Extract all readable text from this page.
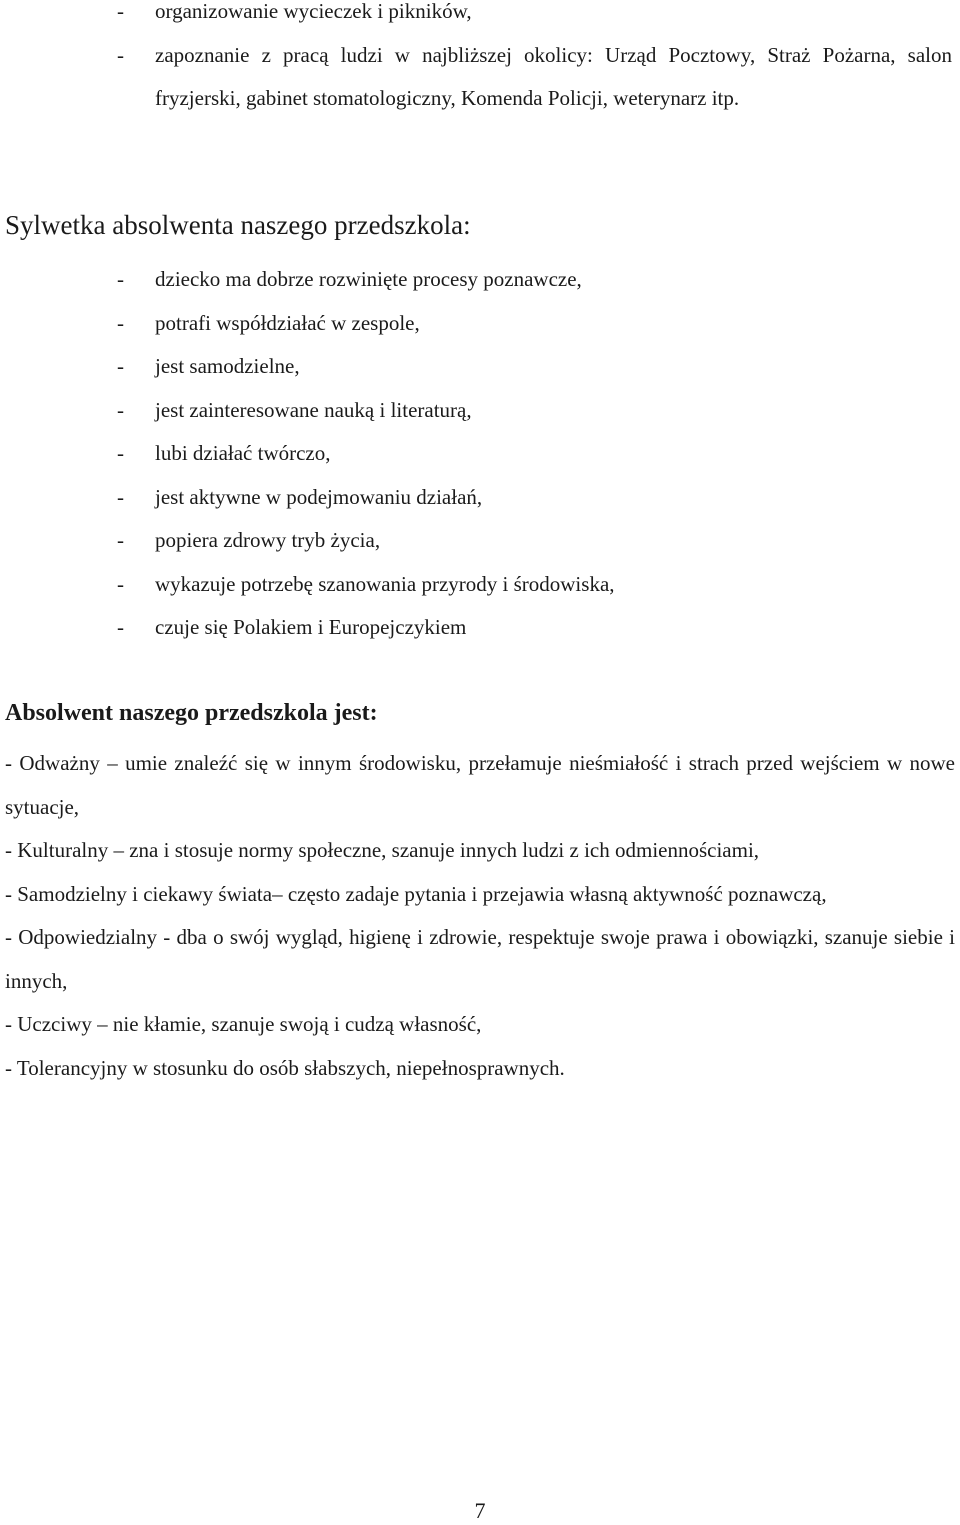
- organizowanie wycieczek i pikników,
- zapoznanie z pracą ludzi w najbliższej okolicy: Urząd Pocztowy, Straż Pożarna, salon fryzjerski, gabinet stomatologiczny, Komenda Policji, weterynarz itp.
Sylwetka absolwenta naszego przedszkola:
- dziecko ma dobrze rozwinięte procesy poznawcze,
- potrafi współdziałać w zespole,
- jest samodzielne,
- jest zainteresowane nauką i literaturą,
- lubi działać twórczo,
- jest aktywne w podejmowaniu działań,
- popiera zdrowy tryb życia,
- wykazuje potrzebę szanowania przyrody i środowiska,
- czuje się Polakiem i Europejczykiem
Absolwent naszego przedszkola jest:

- Odważny – umie znaleźć się w innym środowisku, przełamuje nieśmiałość i strach przed wejściem w nowe sytuacje,

- Kulturalny – zna i stosuje normy społeczne, szanuje innych ludzi z ich odmiennościami,

- Samodzielny i ciekawy świata– często zadaje pytania i przejawia własną aktywność poznawczą,

- Odpowiedzialny - dba o swój wygląd, higienę i zdrowie, respektuje swoje prawa i obowiązki, szanuje siebie i innych,

- Uczciwy – nie kłamie, szanuje swoją i cudzą własność,

- Tolerancyjny w stosunku do osób słabszych, niepełnosprawnych.

7
